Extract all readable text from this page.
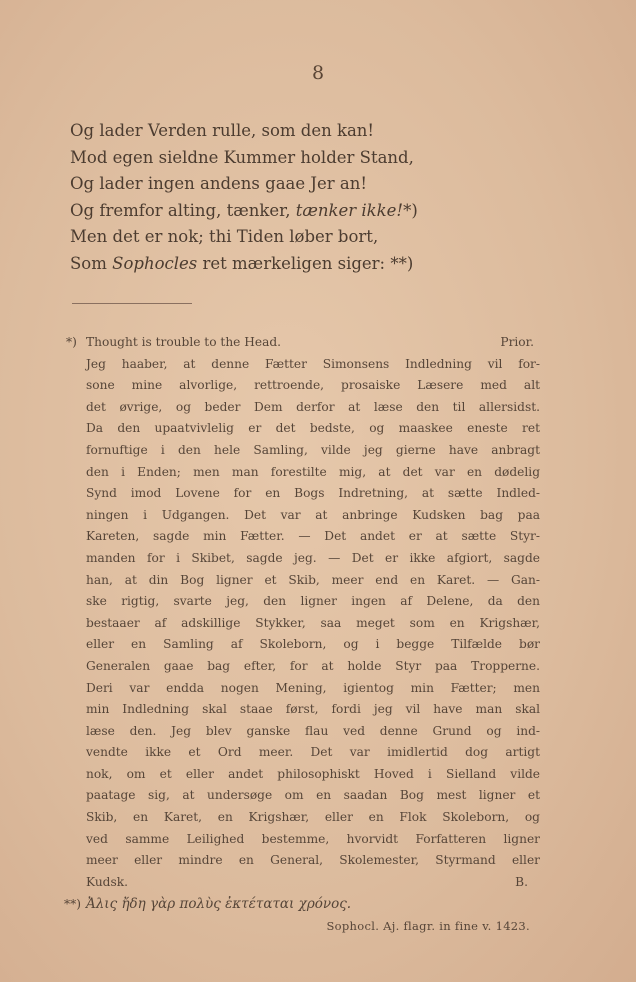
8
Og lader Verden rulle, som den kan!
Mod egen sieldne Kummer holder Stand,
Og lader ingen andens gaae Jer an!
Og fremfor alting, tænker, tænker ikke!*)
Men det er nok; thi Tiden løber bort,
Som Sophocles ret mærkeligen siger: **)
*) Thought is trouble to the Head.	Prior.
Jeg haaber, at denne Fætter Simonsens Indledning vil for-
sone mine alvorlige, rettroende, prosaiske Læsere med alt
det øvrige, og beder Dem derfor at læse den til allersidst.
Da den upaatvivlelig er det bedste, og maaskee eneste ret
fornuftige i den hele Samling, vilde jeg gierne have anbragt
den i Enden; men man forestilte mig, at det var en dødelig
Synd imod Lovene for en Bogs Indretning, at sætte Indled-
ningen i Udgangen. Det var at anbringe Kudsken bag paa
Kareten, sagde min Fætter. — Det andet er at sætte Styr-
manden for i Skibet, sagde jeg. — Det er ikke afgiort, sagde
han, at din Bog ligner et Skib, meer end en Karet. — Gan-
ske rigtig, svarte jeg, den ligner ingen af Delene, da den
bestaaer af adskillige Stykker, saa meget som en Krigshær,
eller en Samling af Skoleborn, og i begge Tilfælde bør
Generalen gaae bag efter, for at holde Styr paa Tropperne.
Deri var endda nogen Mening, igientog min Fætter; men
min Indledning skal staae først, fordi jeg vil have man skal
læse den. Jeg blev ganske flau ved denne Grund og ind-
vendte ikke et Ord meer. Det var imidlertid dog artigt
nok, om et eller andet philosophiskt Hoved i Sielland vilde
paatage sig, at undersøge om en saadan Bog mest ligner et
Skib, en Karet, en Krigshær, eller en Flok Skoleborn, og
ved samme Leilighed bestemme, hvorvidt Forfatteren ligner
meer eller mindre en General, Skolemester, Styrmand eller
Kudsk.	B.
**) Ἀλις ἤδη γὰρ πολὺς ἐκτέταται χρόνος.
Sophocl. Aj. flagr. in fine v. 1423.
